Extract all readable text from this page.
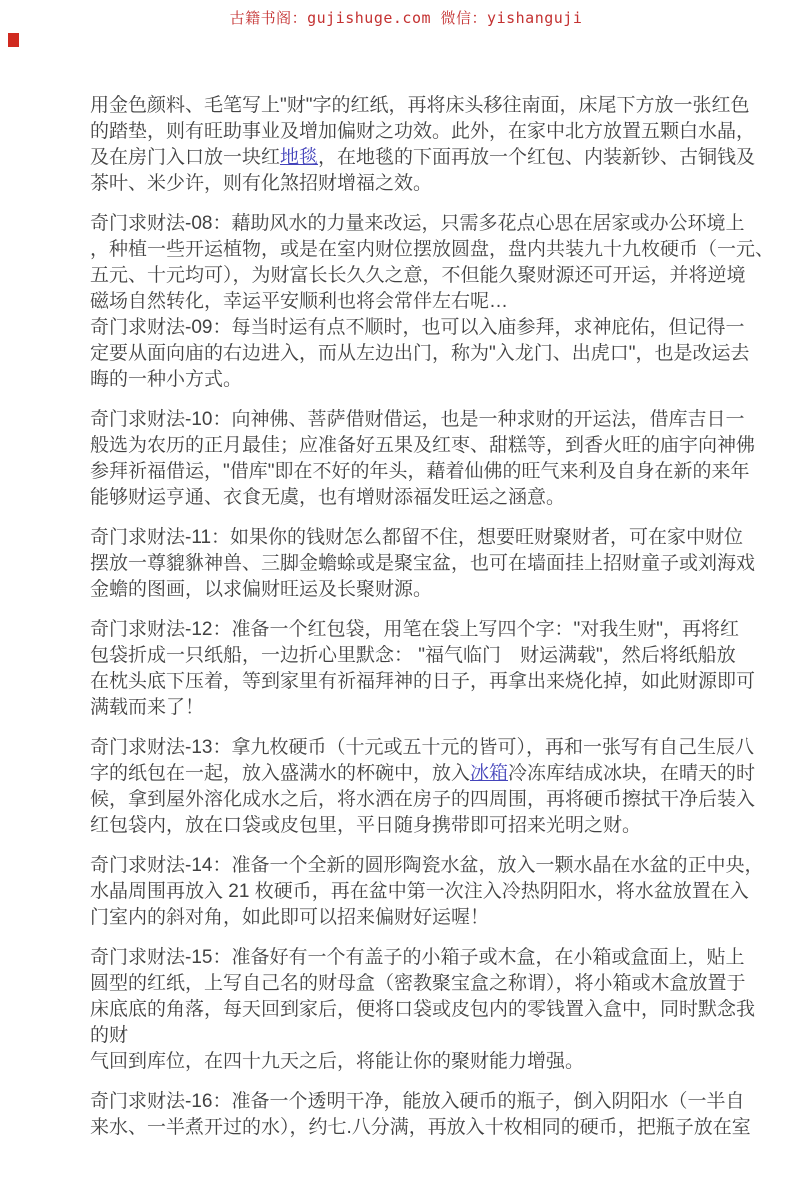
古籍书阁：gujishuge.com 微信：yishanguji
用金色颜料、毛笔写上"财"字的红纸，再将床头移往南面，床尾下方放一张红色
的踏垫，则有旺助事业及增加偏财之功效。此外，在家中北方放置五颗白水晶，
及在房门入口放一块红地毯，在地毯的下面再放一个红包、内装新钞、古铜钱及
茶叶、米少许，则有化煞招财增福之效。
奇门求财法-08：藉助风水的力量来改运，只需多花点心思在居家或办公环境上
，种植一些开运植物，或是在室内财位摆放圆盘，盘内共装九十九枚硬币（一元、
五元、十元均可），为财富长长久久之意，不但能久聚财源还可开运，并将逆境
磁场自然转化，幸运平安顺利也将会常伴左右呢…
奇门求财法-09：每当时运有点不顺时，也可以入庙参拜，求神庇佑，但记得一
定要从面向庙的右边进入，而从左边出门，称为"入龙门、出虎口"，也是改运去
晦的一种小方式。
奇门求财法-10：向神佛、菩萨借财借运，也是一种求财的开运法，借库吉日一
般选为农历的正月最佳；应准备好五果及红枣、甜糕等，到香火旺的庙宇向神佛
参拜祈福借运，"借库"即在不好的年头，藉着仙佛的旺气来利及自身在新的来年
能够财运亨通、衣食无虞，也有增财添福发旺运之涵意。
奇门求财法-11：如果你的钱财怎么都留不住，想要旺财聚财者，可在家中财位
摆放一尊貔貅神兽、三脚金蟾蜍或是聚宝盆，也可在墙面挂上招财童子或刘海戏
金蟾的图画，以求偏财旺运及长聚财源。
奇门求财法-12：准备一个红包袋，用笔在袋上写四个字："对我生财"，再将红
包袋折成一只纸船，一边折心里默念： "福气临门　财运满载"，然后将纸船放
在枕头底下压着，等到家里有祈福拜神的日子，再拿出来烧化掉，如此财源即可
满载而来了！
奇门求财法-13：拿九枚硬币（十元或五十元的皆可），再和一张写有自己生辰八
字的纸包在一起，放入盛满水的杯碗中，放入冰箱冷冻库结成冰块，在晴天的时
候，拿到屋外溶化成水之后，将水洒在房子的四周围，再将硬币擦拭干净后装入
红包袋内，放在口袋或皮包里，平日随身携带即可招来光明之财。
奇门求财法-14：准备一个全新的圆形陶瓷水盆，放入一颗水晶在水盆的正中央，
水晶周围再放入 21 枚硬币，再在盆中第一次注入冷热阴阳水，将水盆放置在入
门室内的斜对角，如此即可以招来偏财好运喔！
奇门求财法-15：准备好有一个有盖子的小箱子或木盒，在小箱或盒面上，贴上
圆型的红纸，上写自己名的财母盒（密教聚宝盒之称谓），将小箱或木盒放置于
床底底的角落，每天回到家后，便将口袋或皮包内的零钱置入盒中，同时默念我
的财
气回到库位，在四十九天之后，将能让你的聚财能力增强。
奇门求财法-16：准备一个透明干净，能放入硬币的瓶子，倒入阴阳水（一半自
来水、一半煮开过的水），约七.八分满，再放入十枚相同的硬币，把瓶子放在室
